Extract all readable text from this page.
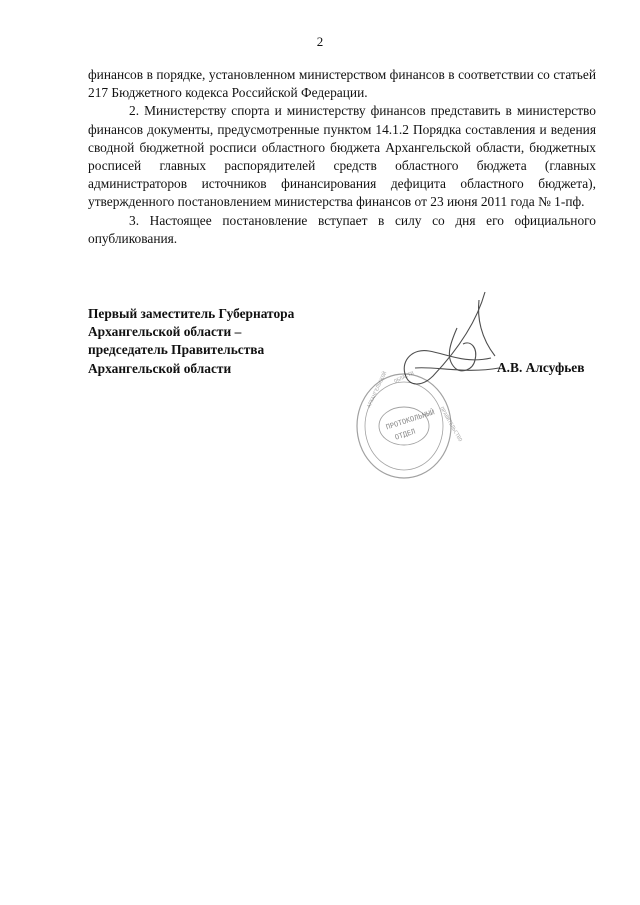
2

финансов в порядке, установленном министерством финансов в соответствии со статьей 217 Бюджетного кодекса Российской Федерации.

2. Министерству спорта и министерству финансов представить в министерство финансов документы, предусмотренные пунктом 14.1.2 Порядка составления и ведения сводной бюджетной росписи областного бюджета Архангельской области, бюджетных росписей главных распорядителей средств областного бюджета (главных администраторов источников финансирования дефицита областного бюджета), утвержденного постановлением министерства финансов от 23 июня 2011 года № 1-пф.

3. Настоящее постановление вступает в силу со дня его официального опубликования.

Первый заместитель Губернатора
Архангельской области –
председатель Правительства
Архангельской области
АРХАНГЕЛЬСКОЙ ОБЛАСТИ
ПРАВИТЕЛЬСТВО
ПРОТОКОЛЬНЫЙ
ОТДЕЛ
А.В. Алсуфьев
